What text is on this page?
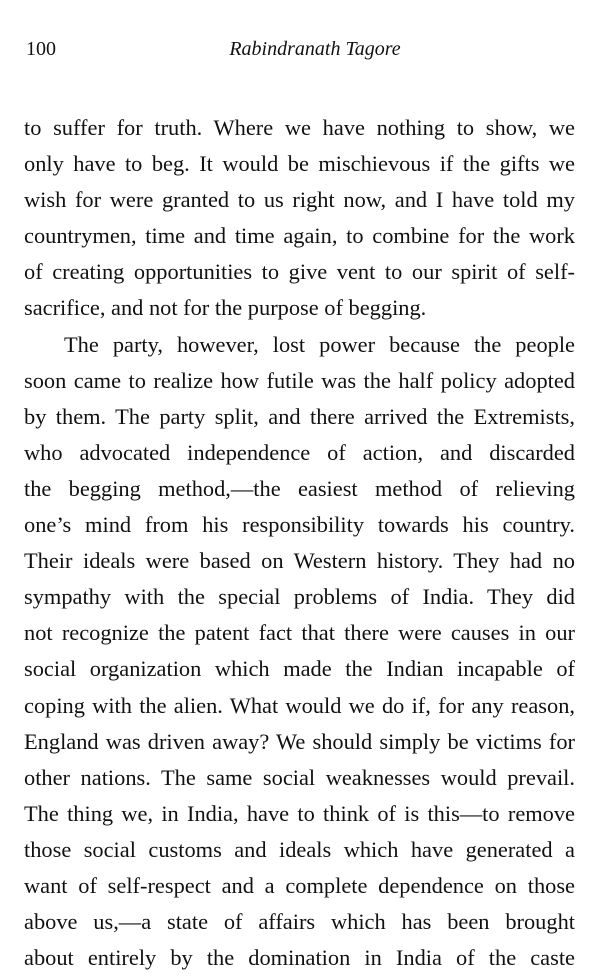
100	Rabindranath Tagore
to suffer for truth. Where we have nothing to show, we
only have to beg. It would be mischievous if the gifts we
wish for were granted to us right now, and I have told my
countrymen, time and time again, to combine for the work
of creating opportunities to give vent to our spirit of self-
sacrifice, and not for the purpose of begging.
The party, however, lost power because the people
soon came to realize how futile was the half policy adopted
by them. The party split, and there arrived the Extremists,
who advocated independence of action, and discarded
the begging method,—the easiest method of relieving
one’s mind from his responsibility towards his country.
Their ideals were based on Western history. They had no
sympathy with the special problems of India. They did
not recognize the patent fact that there were causes in our
social organization which made the Indian incapable of
coping with the alien. What would we do if, for any reason,
England was driven away? We should simply be victims for
other nations. The same social weaknesses would prevail.
The thing we, in India, have to think of is this—to remove
those social customs and ideals which have generated a
want of self-respect and a complete dependence on those
above us,—a state of affairs which has been brought
about entirely by the domination in India of the caste
